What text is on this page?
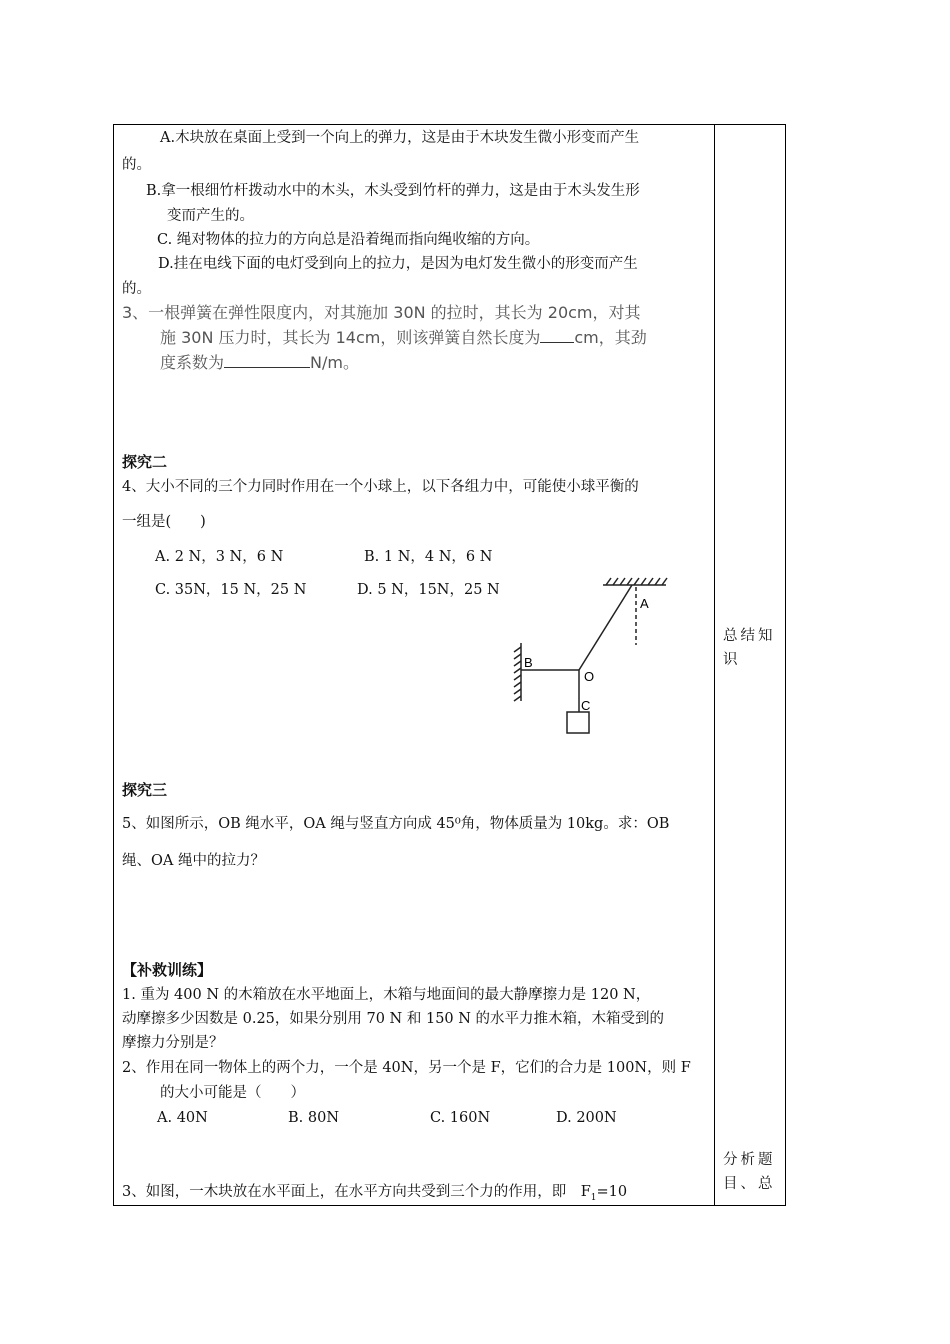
A.木块放在桌面上受到一个向上的弹力，这是由于木块发生微小形变而产生
的。
B.拿一根细竹杆拨动水中的木头，木头受到竹杆的弹力，这是由于木头发生形
变而产生的。
C. 绳对物体的拉力的方向总是沿着绳而指向绳收缩的方向。
D.挂在电线下面的电灯受到向上的拉力，是因为电灯发生微小的形变而产生
的。
3、一根弹簧在弹性限度内，对其施加 30N 的拉时，其长为 20cm，对其
施 30N 压力时，其长为 14cm，则该弹簧自然长度为 cm，其劲
度系数为	N/m。
探究二
4、大小不同的三个力同时作用在一个小球上，以下各组力中，可能使小球平衡的
一组是(　　)
A. 2 N，3 N，6 N	B. 1 N，4 N，6 N
C. 35N，15 N，25 N	D. 5 N，15N，25 N
A
B
O
C
探究三
5、如图所示，OB 绳水平，OA 绳与竖直方向成 45⁰角，物体质量为 10kg。求：OB
绳、OA 绳中的拉力？
【补救训练】
1. 重为 400 N 的木箱放在水平地面上，木箱与地面间的最大静摩擦力是 120 N，
动摩擦多少因数是 0.25，如果分别用 70 N 和 150 N 的水平力推木箱，木箱受到的
摩擦力分别是？
2、作用在同一物体上的两个力，一个是 40N，另一个是 F，它们的合力是 100N，则 F
的大小可能是（　　）
A. 40N	B. 80N	C. 160N	D. 200N
3、如图，一木块放在水平面上，在水平方向共受到三个力的作用，即　$F_1=10$
总结知
识
分析题
目、总
